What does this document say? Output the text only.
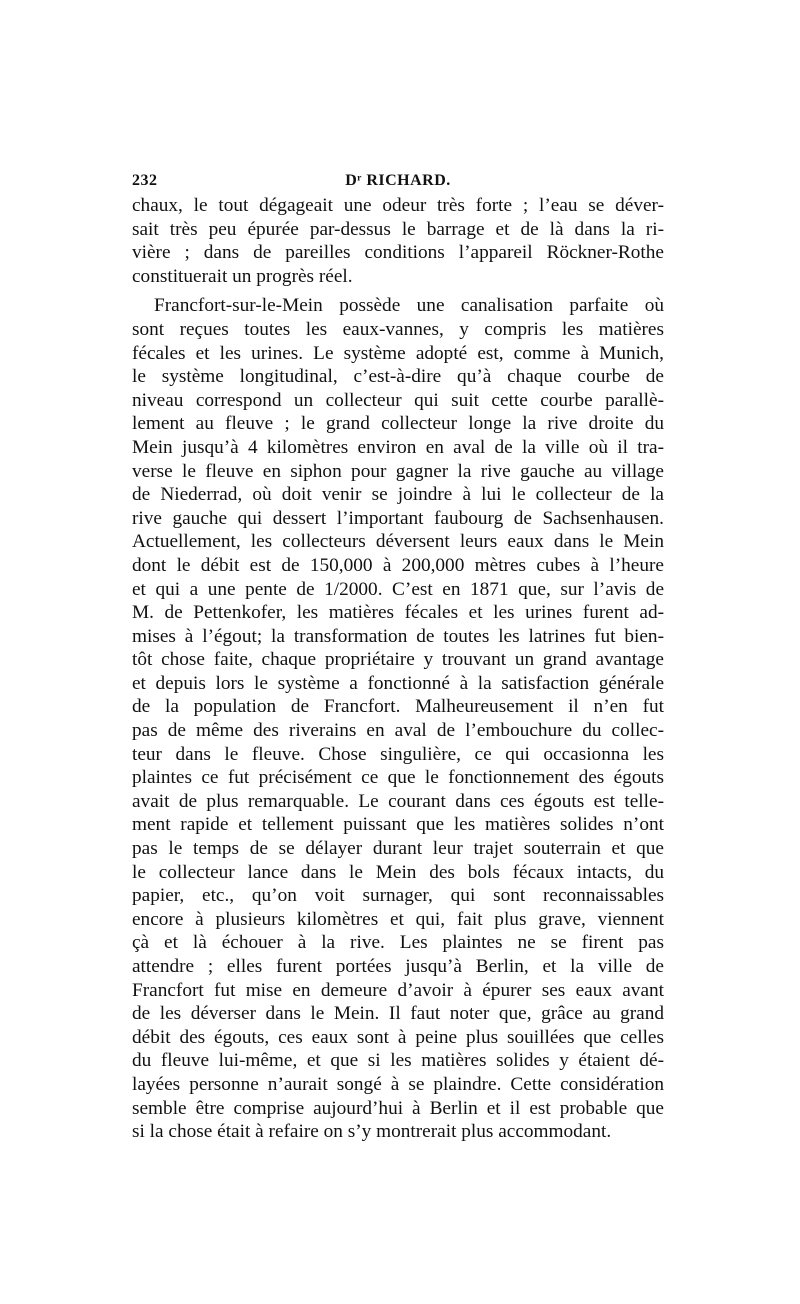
232	Dʳ RICHARD.
chaux, le tout dégageait une odeur très forte ; l’eau se déver-
sait très peu épurée par-dessus le barrage et de là dans la ri-
vière ; dans de pareilles conditions l’appareil Röckner-Rothe
constituerait un progrès réel.
Francfort-sur-le-Mein possède une canalisation parfaite où
sont reçues toutes les eaux-vannes, y compris les matières
fécales et les urines. Le système adopté est, comme à Munich,
le système longitudinal, c’est-à-dire qu’à chaque courbe de
niveau correspond un collecteur qui suit cette courbe parallè-
lement au fleuve ; le grand collecteur longe la rive droite du
Mein jusqu’à 4 kilomètres environ en aval de la ville où il tra-
verse le fleuve en siphon pour gagner la rive gauche au village
de Niederrad, où doit venir se joindre à lui le collecteur de la
rive gauche qui dessert l’important faubourg de Sachsenhausen.
Actuellement, les collecteurs déversent leurs eaux dans le Mein
dont le débit est de 150,000 à 200,000 mètres cubes à l’heure
et qui a une pente de 1/2000. C’est en 1871 que, sur l’avis de
M. de Pettenkofer, les matières fécales et les urines furent ad-
mises à l’égout; la transformation de toutes les latrines fut bien-
tôt chose faite, chaque propriétaire y trouvant un grand avantage
et depuis lors le système a fonctionné à la satisfaction générale
de la population de Francfort. Malheureusement il n’en fut
pas de même des riverains en aval de l’embouchure du collec-
teur dans le fleuve. Chose singulière, ce qui occasionna les
plaintes ce fut précisément ce que le fonctionnement des égouts
avait de plus remarquable. Le courant dans ces égouts est telle-
ment rapide et tellement puissant que les matières solides n’ont
pas le temps de se délayer durant leur trajet souterrain et que
le collecteur lance dans le Mein des bols fécaux intacts, du
papier, etc., qu’on voit surnager, qui sont reconnaissables
encore à plusieurs kilomètres et qui, fait plus grave, viennent
çà et là échouer à la rive. Les plaintes ne se firent pas
attendre ; elles furent portées jusqu’à Berlin, et la ville de
Francfort fut mise en demeure d’avoir à épurer ses eaux avant
de les déverser dans le Mein. Il faut noter que, grâce au grand
débit des égouts, ces eaux sont à peine plus souillées que celles
du fleuve lui-même, et que si les matières solides y étaient dé-
layées personne n’aurait songé à se plaindre. Cette considération
semble être comprise aujourd’hui à Berlin et il est probable que
si la chose était à refaire on s’y montrerait plus accommodant.
